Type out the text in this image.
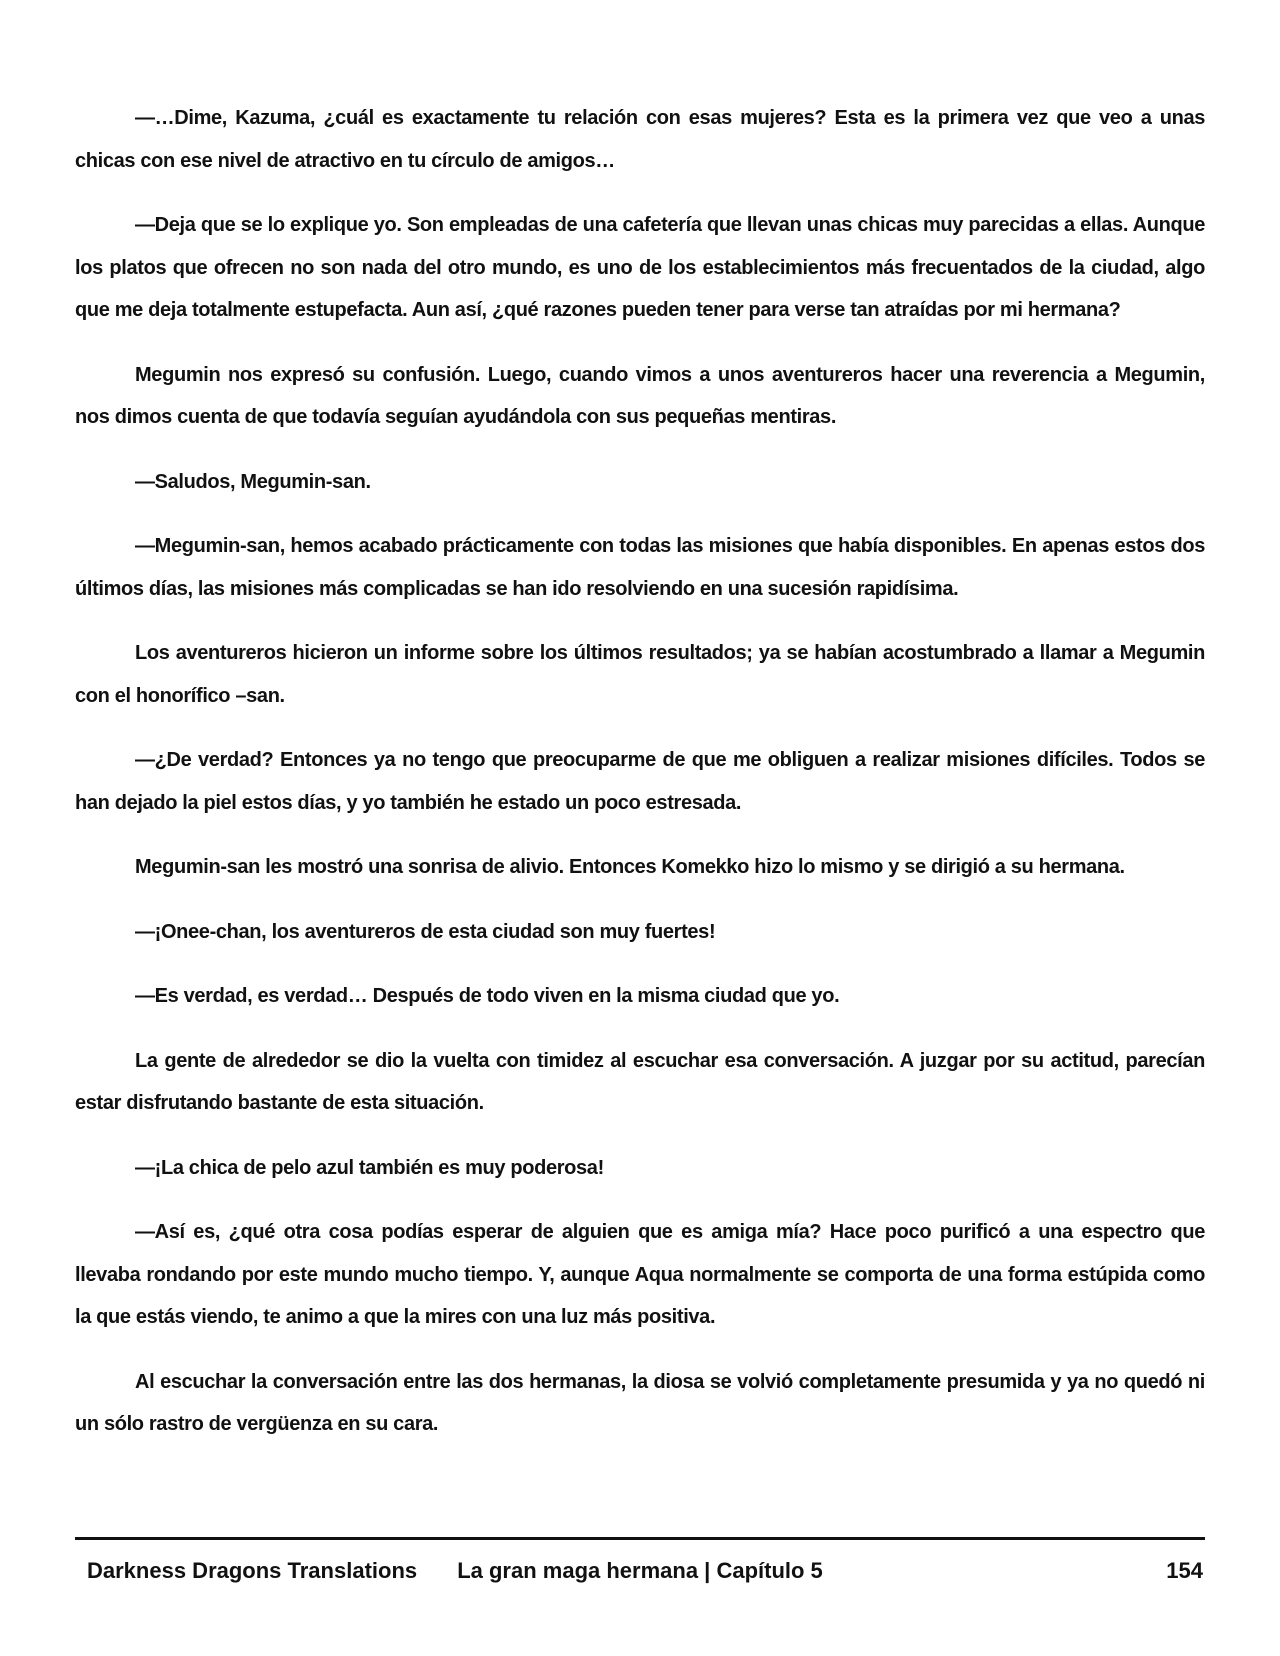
—…Dime, Kazuma, ¿cuál es exactamente tu relación con esas mujeres? Esta es la primera vez que veo a unas chicas con ese nivel de atractivo en tu círculo de amigos…

—Deja que se lo explique yo. Son empleadas de una cafetería que llevan unas chicas muy parecidas a ellas. Aunque los platos que ofrecen no son nada del otro mundo, es uno de los establecimientos más frecuentados de la ciudad, algo que me deja totalmente estupefacta. Aun así, ¿qué razones pueden tener para verse tan atraídas por mi hermana?

Megumin nos expresó su confusión. Luego, cuando vimos a unos aventureros hacer una reverencia a Megumin, nos dimos cuenta de que todavía seguían ayudándola con sus pequeñas mentiras.

—Saludos, Megumin-san.

—Megumin-san, hemos acabado prácticamente con todas las misiones que había disponibles. En apenas estos dos últimos días, las misiones más complicadas se han ido resolviendo en una sucesión rapidísima.

Los aventureros hicieron un informe sobre los últimos resultados; ya se habían acostumbrado a llamar a Megumin con el honorífico –san.

—¿De verdad? Entonces ya no tengo que preocuparme de que me obliguen a realizar misiones difíciles. Todos se han dejado la piel estos días, y yo también he estado un poco estresada.

Megumin-san les mostró una sonrisa de alivio. Entonces Komekko hizo lo mismo y se dirigió a su hermana.

—¡Onee-chan, los aventureros de esta ciudad son muy fuertes!

—Es verdad, es verdad… Después de todo viven en la misma ciudad que yo.

La gente de alrededor se dio la vuelta con timidez al escuchar esa conversación. A juzgar por su actitud, parecían estar disfrutando bastante de esta situación.

—¡La chica de pelo azul también es muy poderosa!

—Así es, ¿qué otra cosa podías esperar de alguien que es amiga mía? Hace poco purificó a una espectro que llevaba rondando por este mundo mucho tiempo. Y, aunque Aqua normalmente se comporta de una forma estúpida como la que estás viendo, te animo a que la mires con una luz más positiva.

Al escuchar la conversación entre las dos hermanas, la diosa se volvió completamente presumida y ya no quedó ni un sólo rastro de vergüenza en su cara.

Darkness Dragons Translations	La gran maga hermana | Capítulo 5	154
